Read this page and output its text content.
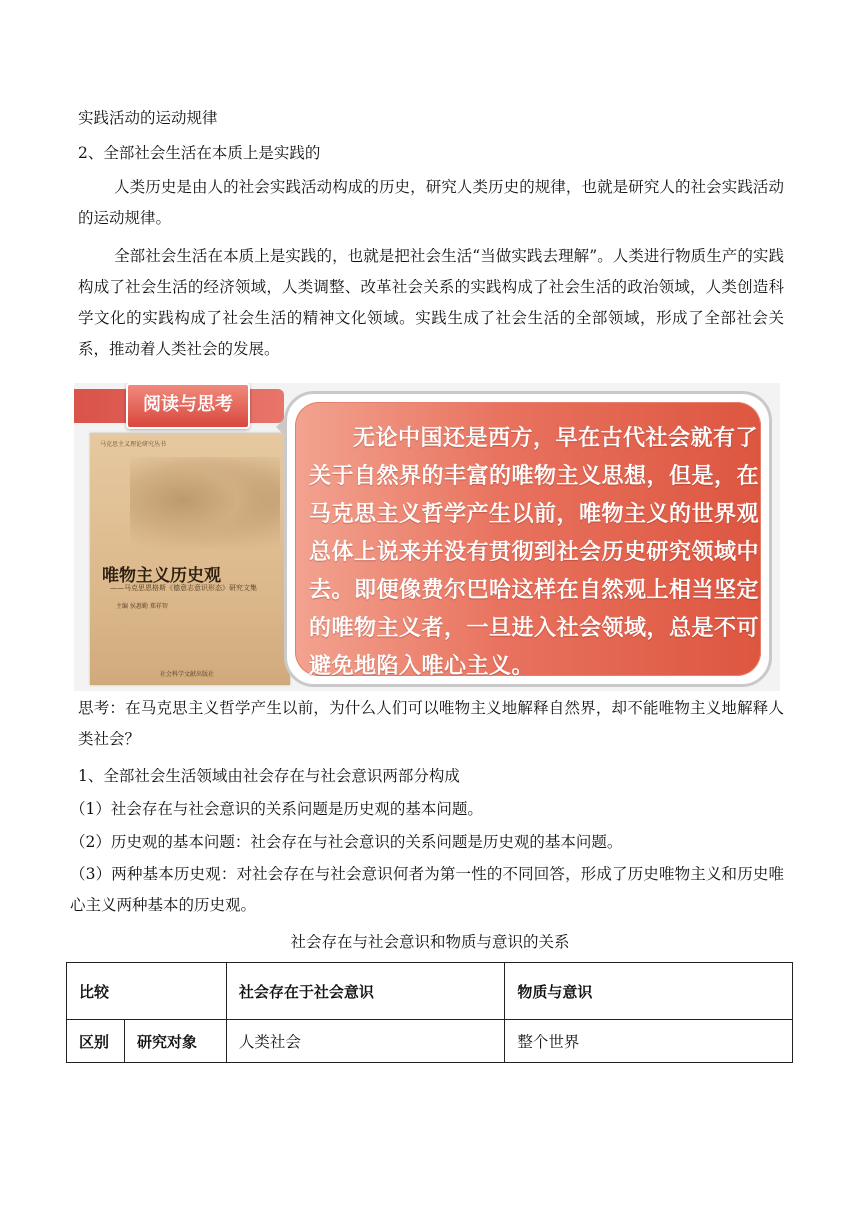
实践活动的运动规律
2、全部社会生活在本质上是实践的
人类历史是由人的社会实践活动构成的历史，研究人类历史的规律，也就是研究人的社会实践活动的运动规律。
全部社会生活在本质上是实践的，也就是把社会生活“当做实践去理解”。人类进行物质生产的实践构成了社会生活的经济领域，人类调整、改革社会关系的实践构成了社会生活的政治领域，人类创造科学文化的实践构成了社会生活的精神文化领域。实践生成了社会生活的全部领域，形成了全部社会关系，推动着人类社会的发展。
阅读与思考
马克思主义理论研究丛书
唯物主义历史观
——马克思恩格斯《德意志意识形态》研究文集
主编 侯惠勤 郑祥智
社会科学文献出版社
无论中国还是西方，早在古代社会就有了关于自然界的丰富的唯物主义思想，但是，在马克思主义哲学产生以前，唯物主义的世界观总体上说来并没有贯彻到社会历史研究领域中去。即便像费尔巴哈这样在自然观上相当坚定的唯物主义者，一旦进入社会领域，总是不可避免地陷入唯心主义。
思考：在马克思主义哲学产生以前，为什么人们可以唯物主义地解释自然界，却不能唯物主义地解释人类社会？
1、全部社会生活领域由社会存在与社会意识两部分构成
（1）社会存在与社会意识的关系问题是历史观的基本问题。
（2）历史观的基本问题：社会存在与社会意识的关系问题是历史观的基本问题。
（3）两种基本历史观：对社会存在与社会意识何者为第一性的不同回答，形成了历史唯物主义和历史唯心主义两种基本的历史观。
社会存在与社会意识和物质与意识的关系
比较		社会存在于社会意识	物质与意识
区别	研究对象	人类社会	整个世界
